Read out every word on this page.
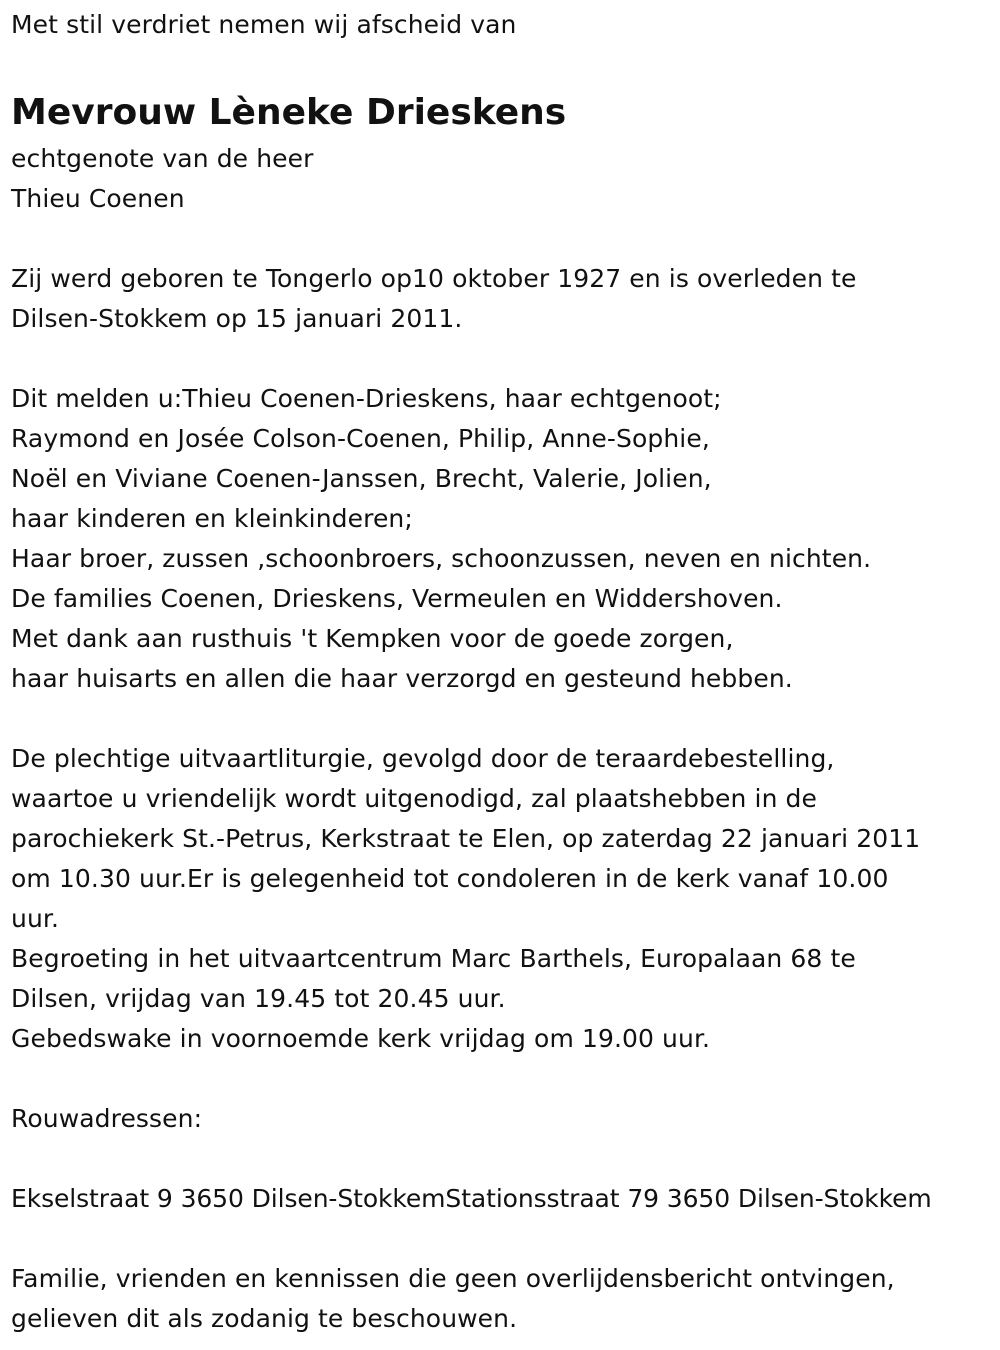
Met stil verdriet nemen wij afscheid van
Mevrouw Lèneke Drieskens
echtgenote van de heer
Thieu Coenen
Zij werd geboren te Tongerlo op10 oktober 1927 en is overleden te
Dilsen-Stokkem op 15 januari 2011.
Dit melden u:Thieu Coenen-Drieskens, haar echtgenoot;
Raymond en Josée Colson-Coenen, Philip, Anne-Sophie,
Noël en Viviane Coenen-Janssen, Brecht, Valerie, Jolien,
haar kinderen en kleinkinderen;
Haar broer, zussen ,schoonbroers, schoonzussen, neven en nichten.
De families Coenen, Drieskens, Vermeulen en Widdershoven.
Met dank aan rusthuis 't Kempken voor de goede zorgen,
haar huisarts en allen die haar verzorgd en gesteund hebben.
De plechtige uitvaartliturgie, gevolgd door de teraardebestelling,
waartoe u vriendelijk wordt uitgenodigd, zal plaatshebben in de
parochiekerk St.-Petrus, Kerkstraat te Elen, op zaterdag 22 januari 2011
om 10.30 uur.Er is gelegenheid tot condoleren in de kerk vanaf 10.00
uur.
Begroeting in het uitvaartcentrum Marc Barthels, Europalaan 68 te
Dilsen, vrijdag van 19.45 tot 20.45 uur.
Gebedswake in voornoemde kerk vrijdag om 19.00 uur.
Rouwadressen:
Ekselstraat 9 3650 Dilsen-StokkemStationsstraat 79 3650 Dilsen-Stokkem
Familie, vrienden en kennissen die geen overlijdensbericht ontvingen,
gelieven dit als zodanig te beschouwen.
